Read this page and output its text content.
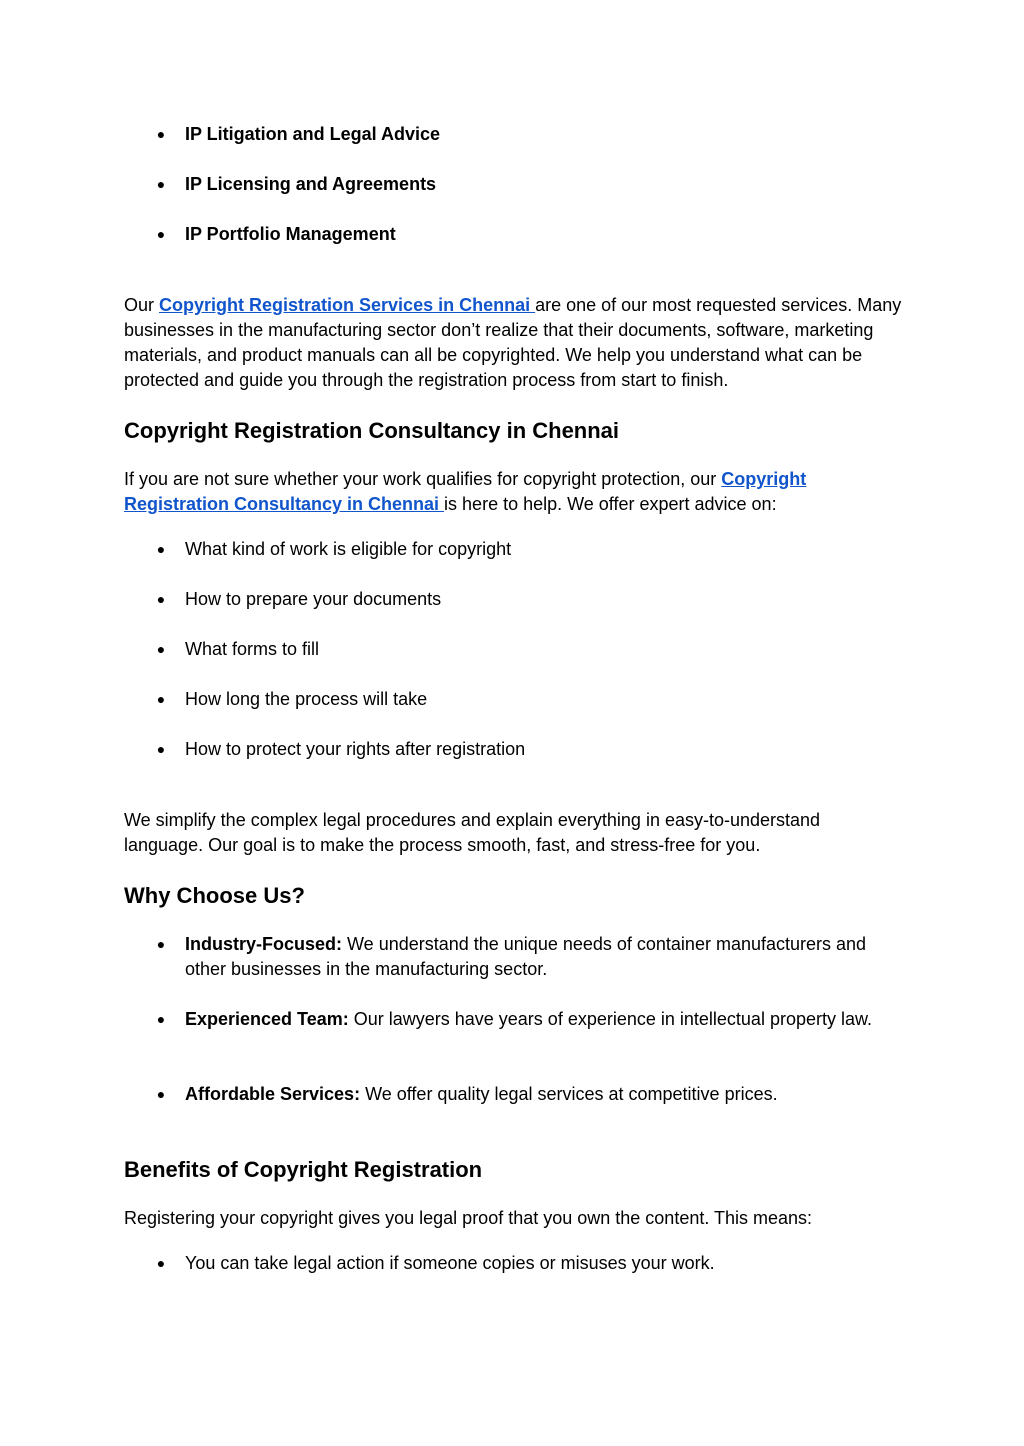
● IP Litigation and Legal Advice

● IP Licensing and Agreements

● IP Portfolio Management

Our Copyright Registration Services in Chennai are one of our most requested services. Many businesses in the manufacturing sector don’t realize that their documents, software, marketing materials, and product manuals can all be copyrighted. We help you understand what can be protected and guide you through the registration process from start to finish.

Copyright Registration Consultancy in Chennai

If you are not sure whether your work qualifies for copyright protection, our Copyright Registration Consultancy in Chennai is here to help. We offer expert advice on:

● What kind of work is eligible for copyright

● How to prepare your documents

● What forms to fill

● How long the process will take

● How to protect your rights after registration

We simplify the complex legal procedures and explain everything in easy-to-understand language. Our goal is to make the process smooth, fast, and stress-free for you.

Why Choose Us?
● Industry-Focused: We understand the unique needs of container manufacturers and other businesses in the manufacturing sector.

● Experienced Team: Our lawyers have years of experience in intellectual property law.

● Affordable Services: We offer quality legal services at competitive prices.

Benefits of Copyright Registration

Registering your copyright gives you legal proof that you own the content. This means:

● You can take legal action if someone copies or misuses your work.
